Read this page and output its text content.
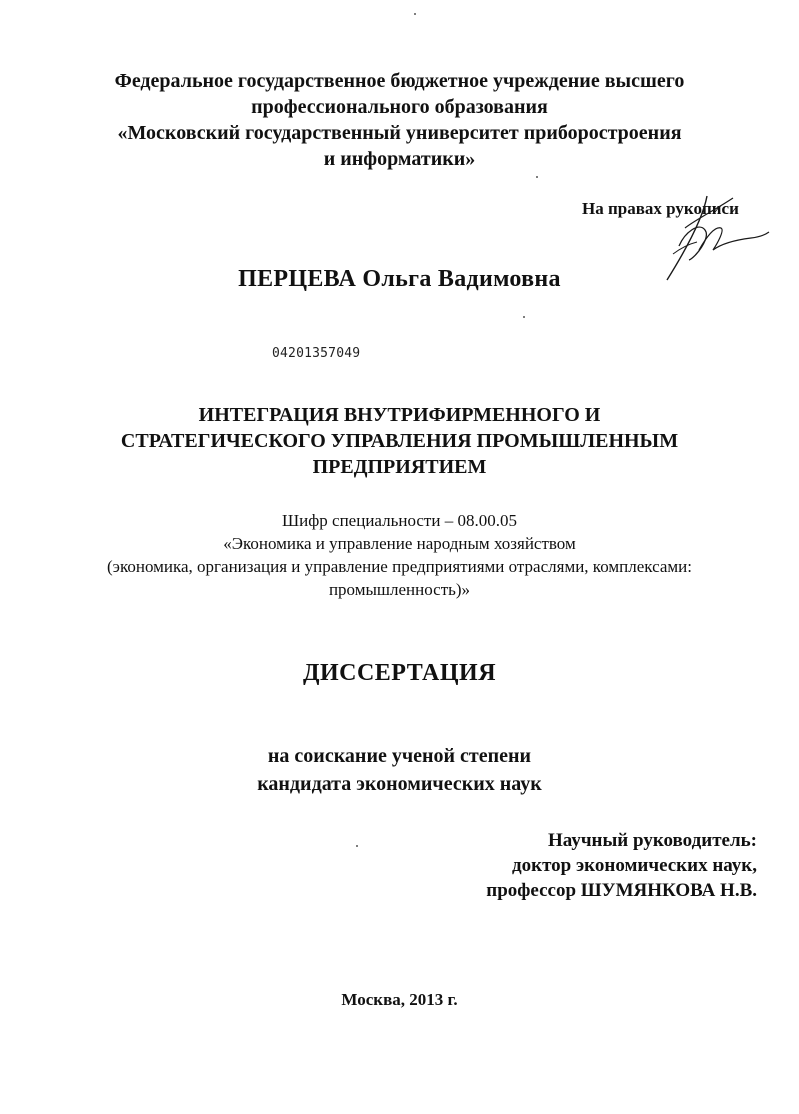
Федеральное государственное бюджетное учреждение высшего
профессионального образования
«Московский государственный университет приборостроения
и информатики»
На правах рукописи
ПЕРЦЕВА Ольга Вадимовна
04201357049
ИНТЕГРАЦИЯ ВНУТРИФИРМЕННОГО И
СТРАТЕГИЧЕСКОГО УПРАВЛЕНИЯ ПРОМЫШЛЕННЫМ
ПРЕДПРИЯТИЕМ
Шифр специальности – 08.00.05
«Экономика и управление народным хозяйством
(экономика, организация и управление предприятиями отраслями, комплексами:
промышленность)»
ДИССЕРТАЦИЯ
на соискание ученой степени
кандидата экономических наук
Научный руководитель:
доктор экономических наук,
профессор ШУМЯНКОВА Н.В.
Москва, 2013 г.
